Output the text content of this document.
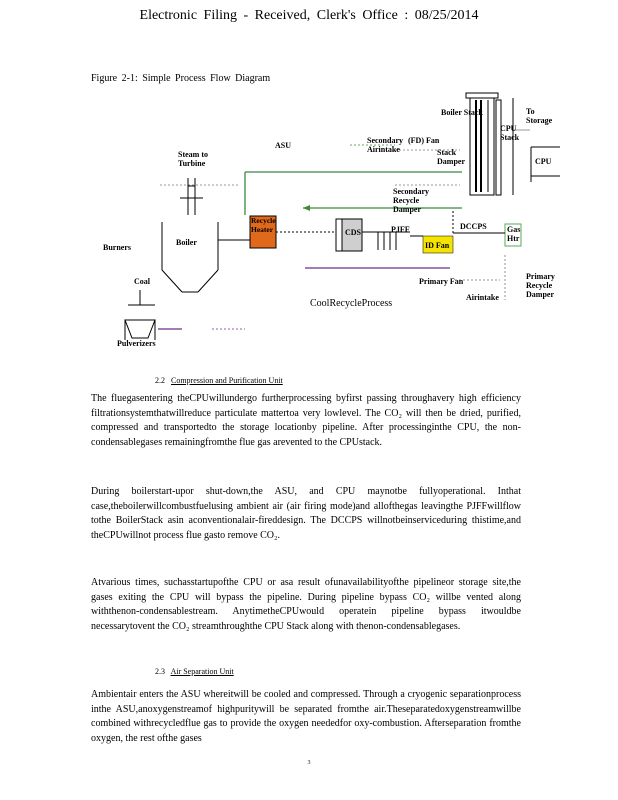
Electronic Filing - Received, Clerk's Office : 08/25/2014
Figure 2-1: Simple Process Flow Diagram
Boiler Stack
CPU Stack
To Storage
CPU
Steam to Turbine
ASU
Secondary Airintake
(FD) Fan
Stack Damper
Secondary Recycle Damper
Recycle Heater	CDS	PJFF	DCCPS	Gas Htr
ID Fan
Burners
Boiler
Coal	Primary Fan
Airintake
Primary Recycle Damper
Pulverizers
CoolRecycleProcess
2.2 Compression and Purification Unit
The fluegasentering theCPUwillundergo furtherprocessing byfirst passing throughavery high efficiency filtrationsystemthatwillreduce particulate mattertoa very lowlevel. The CO₂ will then be dried, purified, compressed and transportedto the storage locationby pipeline. After processinginthe CPU, the non-condensablegases remainingfromthe flue gas arevented to the CPUstack.
During boilerstart-upor shut-down,the ASU, and CPU maynotbe fullyoperational. Inthat case,theboilerwillcombustfuelusing ambient air (air firing mode)and allofthegas leavingthe PJFFwillflow tothe BoilerStack asin aconventionalair-fireddesign. The DCCPS willnotbeinserviceduring thistime,and theCPUwillnot process flue gasto remove CO₂.
Atvarious times, suchasstartupofthe CPU or asa result ofunavailabilityofthe pipelineor storage site,the gases exiting the CPU will bypass the pipeline. During pipeline bypass CO₂ willbe vented along withthenon-condensablestream. AnytimetheCPUwould operatein pipeline bypass itwouldbe necessarytovent the CO₂ streamthroughthe CPU Stack along with thenon-condensablegases.
2.3 Air Separation Unit
Ambientair enters the ASU whereitwill be cooled and compressed. Through a cryogenic separationprocess inthe ASU,anoxygenstreamof highpuritywill be separated fromthe air.Theseparatedoxygenstreamwillbe combined withrecycledflue gas to provide the oxygen neededfor oxy-combustion. Afterseparation fromthe oxygen, the rest ofthe gases
3
